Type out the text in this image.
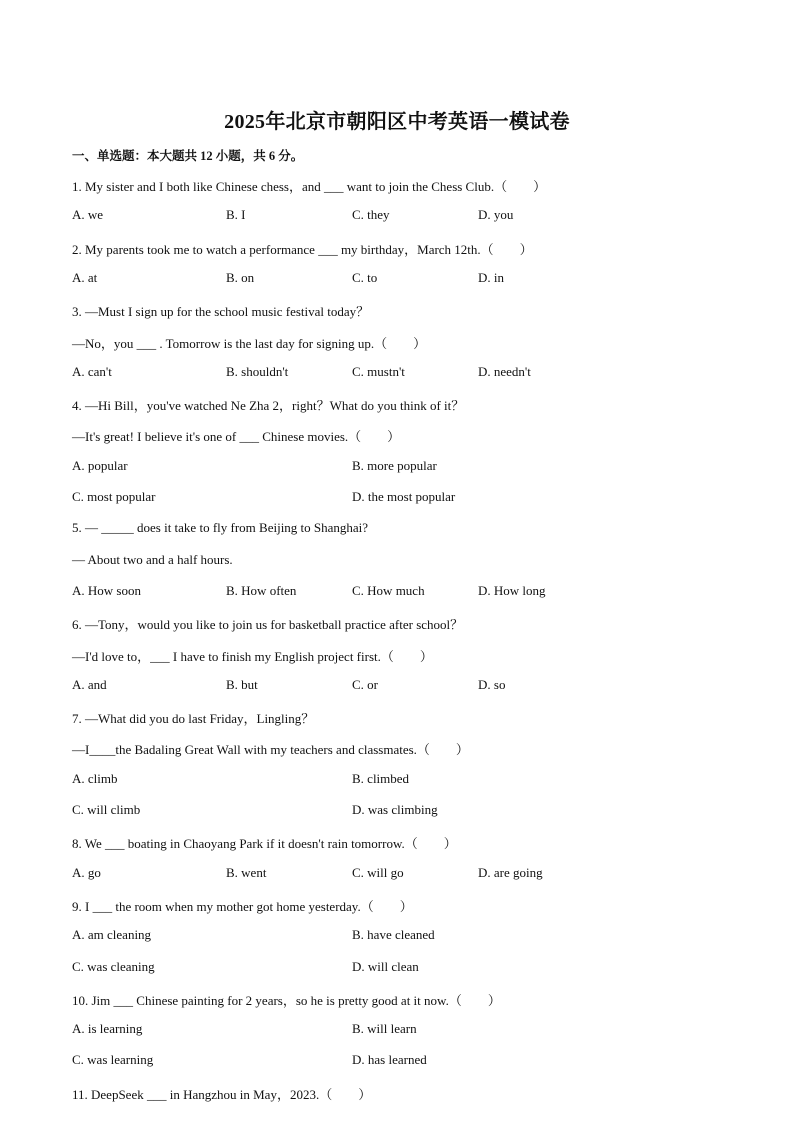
2025年北京市朝阳区中考英语一模试卷
一、单选题：本大题共 12 小题，共 6 分。
1. My sister and I both like Chinese chess，and ___ want to join the Chess Club.（　　）
A. we	B. I	C. they	D. you
2. My parents took me to watch a performance ___ my birthday，March 12th.（　　）
A. at	B. on	C. to	D. in
3. —Must I sign up for the school music festival today？
—No，you ___ . Tomorrow is the last day for signing up.（　　）
A. can't	B. shouldn't	C. mustn't	D. needn't
4. —Hi Bill，you've watched Ne Zha 2，right？What do you think of it？
—It's great! I believe it's one of ___ Chinese movies.（　　）
A. popular	B. more popular
C. most popular	D. the most popular
5. — _____ does it take to fly from Beijing to Shanghai?
— About two and a half hours.
A. How soon	B. How often	C. How much	D. How long
6. —Tony，would you like to join us for basketball practice after school？
—I'd love to，___ I have to finish my English project first.（　　）
A. and	B. but	C. or	D. so
7. —What did you do last Friday，Lingling？
—I____the Badaling Great Wall with my teachers and classmates.（　　）
A. climb	B. climbed
C. will climb	D. was climbing
8. We ___ boating in Chaoyang Park if it doesn't rain tomorrow.（　　）
A. go	B. went	C. will go	D. are going
9. I ___ the room when my mother got home yesterday.（　　）
A. am cleaning	B. have cleaned
C. was cleaning	D. will clean
10. Jim ___ Chinese painting for 2 years，so he is pretty good at it now.（　　）
A. is learning	B. will learn
C. was learning	D. has learned
11. DeepSeek ___ in Hangzhou in May，2023.（　　）
